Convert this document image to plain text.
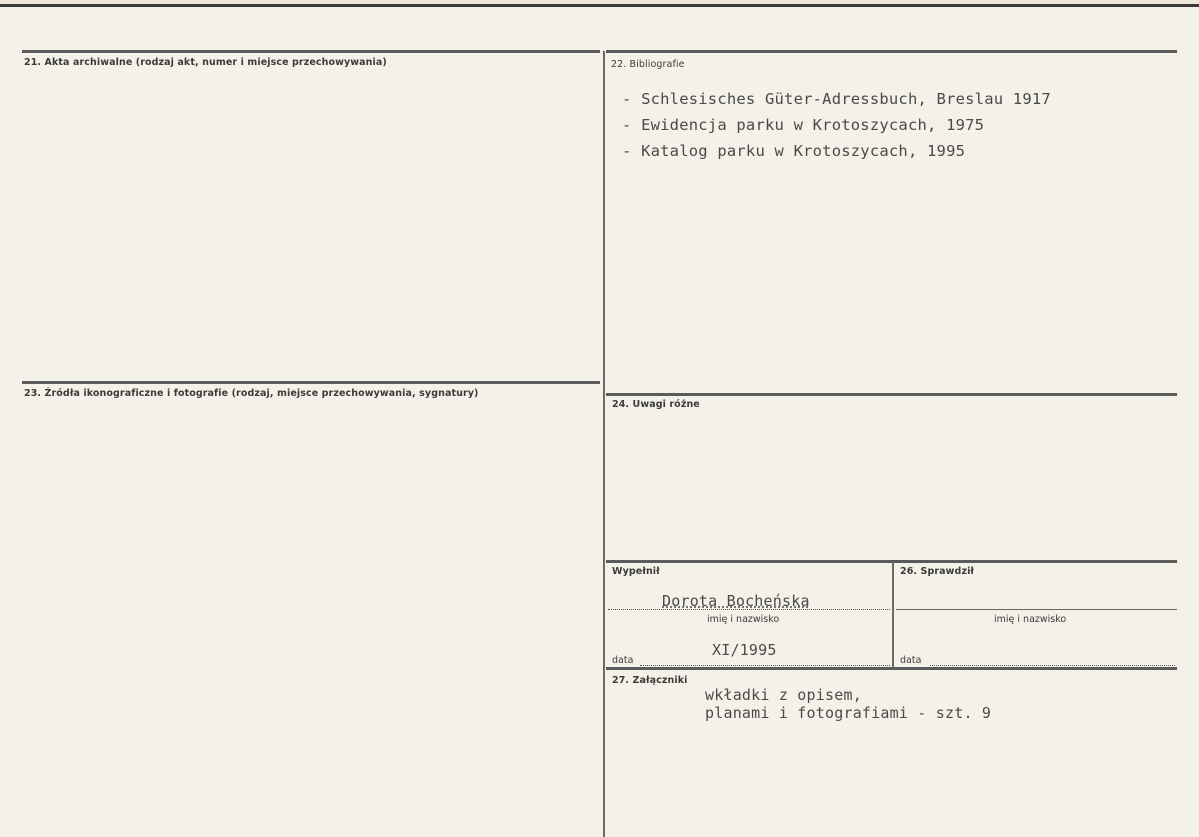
21. Akta archiwalne (rodzaj akt, numer i miejsce przechowywania)	22. Bibliografie
- Schlesisches Güter-Adressbuch, Breslau 1917
- Ewidencja parku w Krotoszycach, 1975
- Katalog parku w Krotoszycach, 1995
23. Źródła ikonograficzne i fotografie (rodzaj, miejsce przechowywania, sygnatury)
24. Uwagi różne
Wypełnił
Dorota Bocheńska
imię i nazwisko
data
XI/1995
26. Sprawdził
imię i nazwisko
data
27. Załączniki
wkładki z opisem,
planami i fotografiami - szt. 9
